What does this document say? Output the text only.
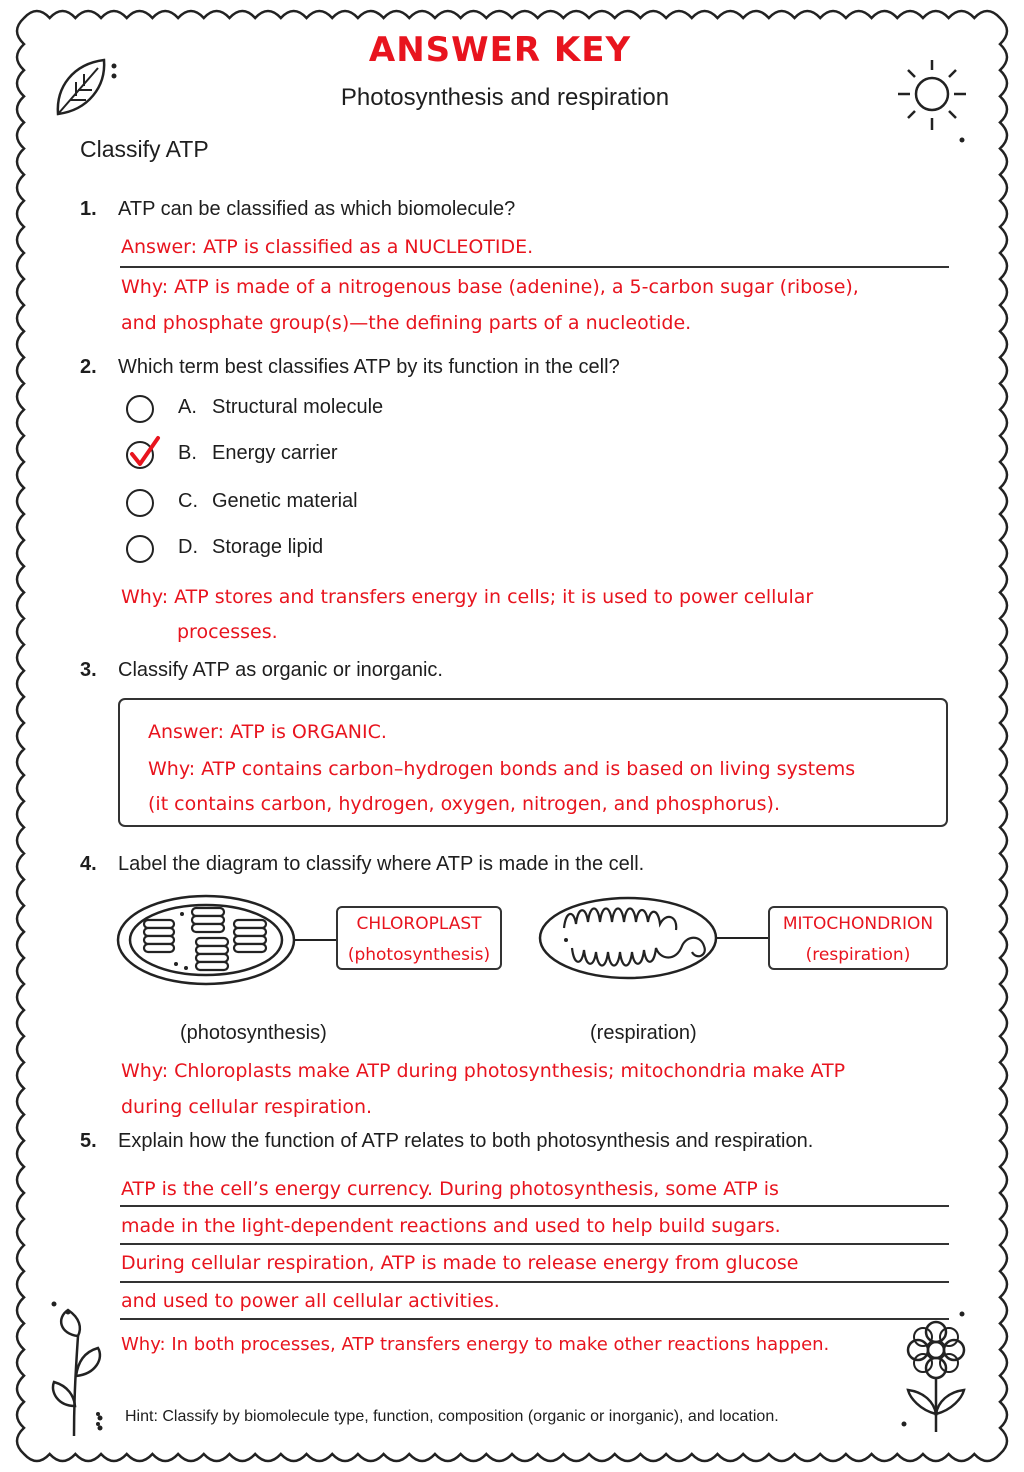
ANSWER KEY
Photosynthesis and respiration
Classify ATP
1. ATP can be classified as which biomolecule?
Answer: ATP is classified as a NUCLEOTIDE.
Why: ATP is made of a nitrogenous base (adenine), a 5-carbon sugar (ribose),
and phosphate group(s)—the defining parts of a nucleotide.
2. Which term best classifies ATP by its function in the cell?
A. Structural molecule
B. Energy carrier
C. Genetic material
D. Storage lipid
Why: ATP stores and transfers energy in cells; it is used to power cellular
processes.
3. Classify ATP as organic or inorganic.
Answer: ATP is ORGANIC.
Why: ATP contains carbon–hydrogen bonds and is based on living systems
(it contains carbon, hydrogen, oxygen, nitrogen, and phosphorus).
4. Label the diagram to classify where ATP is made in the cell.
CHLOROPLAST
(photosynthesis)
MITOCHONDRION
(respiration)
(photosynthesis)	(respiration)
Why: Chloroplasts make ATP during photosynthesis; mitochondria make ATP
during cellular respiration.
5. Explain how the function of ATP relates to both photosynthesis and respiration.
ATP is the cell’s energy currency. During photosynthesis, some ATP is
made in the light-dependent reactions and used to help build sugars.
During cellular respiration, ATP is made to release energy from glucose
and used to power all cellular activities.
Why: In both processes, ATP transfers energy to make other reactions happen.
Hint: Classify by biomolecule type, function, composition (organic or inorganic), and location.
